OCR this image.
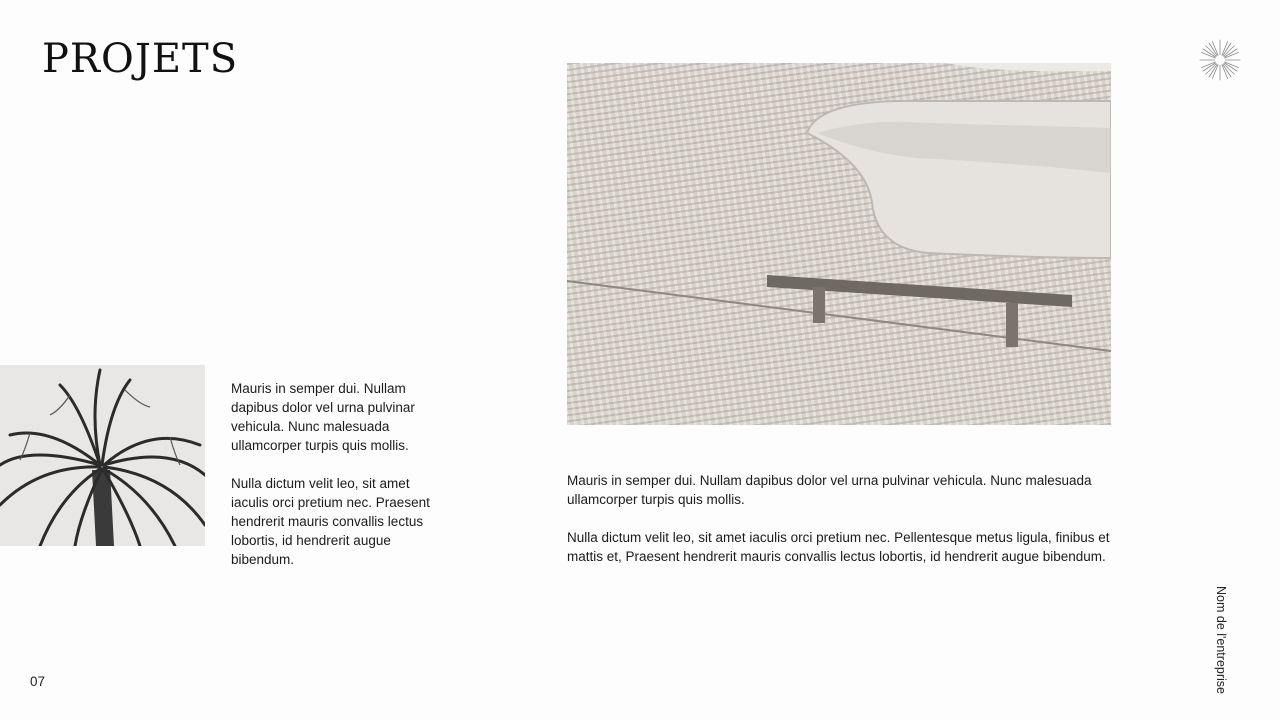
PROJETS

Mauris in semper dui. Nullam dapibus dolor vel urna pulvinar vehicula. Nunc malesuada ullamcorper turpis quis mollis.

Nulla dictum velit leo, sit amet iaculis orci pretium nec. Praesent hendrerit mauris convallis lectus lobortis, id hendrerit augue bibendum.

Mauris in semper dui. Nullam dapibus dolor vel urna pulvinar vehicula. Nunc malesuada ullamcorper turpis quis mollis.

Nulla dictum velit leo, sit amet iaculis orci pretium nec. Pellentesque metus ligula, finibus et mattis et, Praesent hendrerit mauris convallis lectus lobortis, id hendrerit augue bibendum.

07	Nom de l'entreprise
